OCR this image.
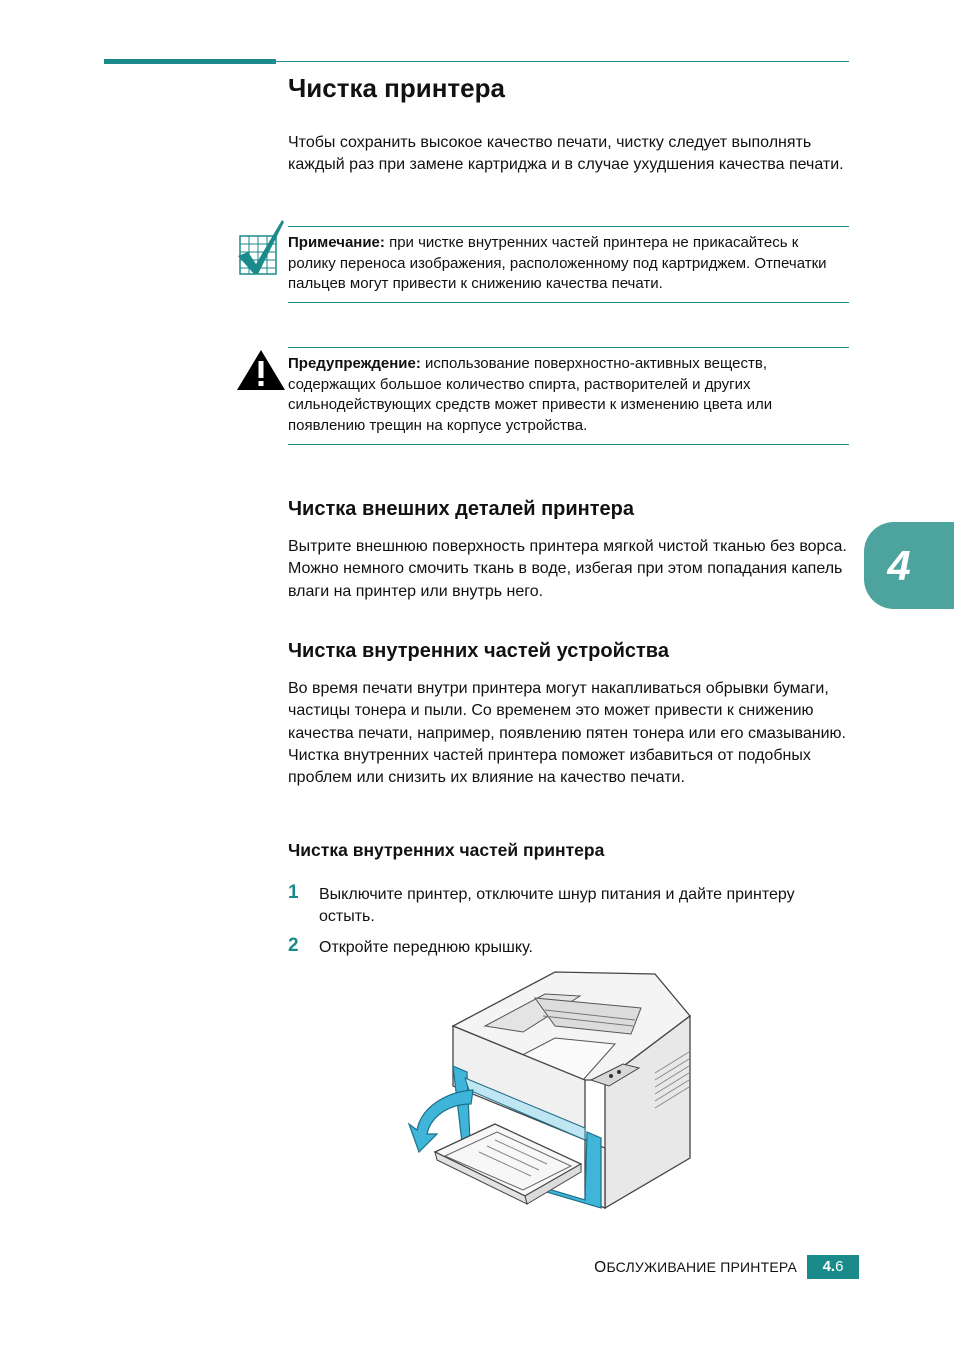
Чистка принтера

Чтобы сохранить высокое качество печати, чистку следует выполнять каждый раз при замене картриджа и в случае ухудшения качества печати.

Примечание: при чистке внутренних частей принтера не прикасайтесь к ролику переноса изображения, расположенному под картриджем. Отпечатки пальцев могут привести к снижению качества печати.

Предупреждение: использование поверхностно-активных веществ, содержащих большое количество спирта, растворителей и других сильнодействующих средств может привести к изменению цвета или появлению трещин на корпусе устройства.

Чистка внешних деталей принтера

Вытрите внешнюю поверхность принтера мягкой чистой тканью без ворса. Можно немного смочить ткань в воде, избегая при этом попадания капель влаги на принтер или внутрь него.

Чистка внутренних частей устройства

Во время печати внутри принтера могут накапливаться обрывки бумаги, частицы тонера и пыли. Со временем это может привести к снижению качества печати, например, появлению пятен тонера или его смазыванию. Чистка внутренних частей принтера поможет избавиться от подобных проблем или снизить их влияние на качество печати.

Чистка внутренних частей принтера
1 Выключите принтер, отключите шнур питания и дайте принтеру остыть.

2 Откройте переднюю крышку.

4
ОБСЛУЖИВАНИЕ ПРИНТЕРА	4.6
